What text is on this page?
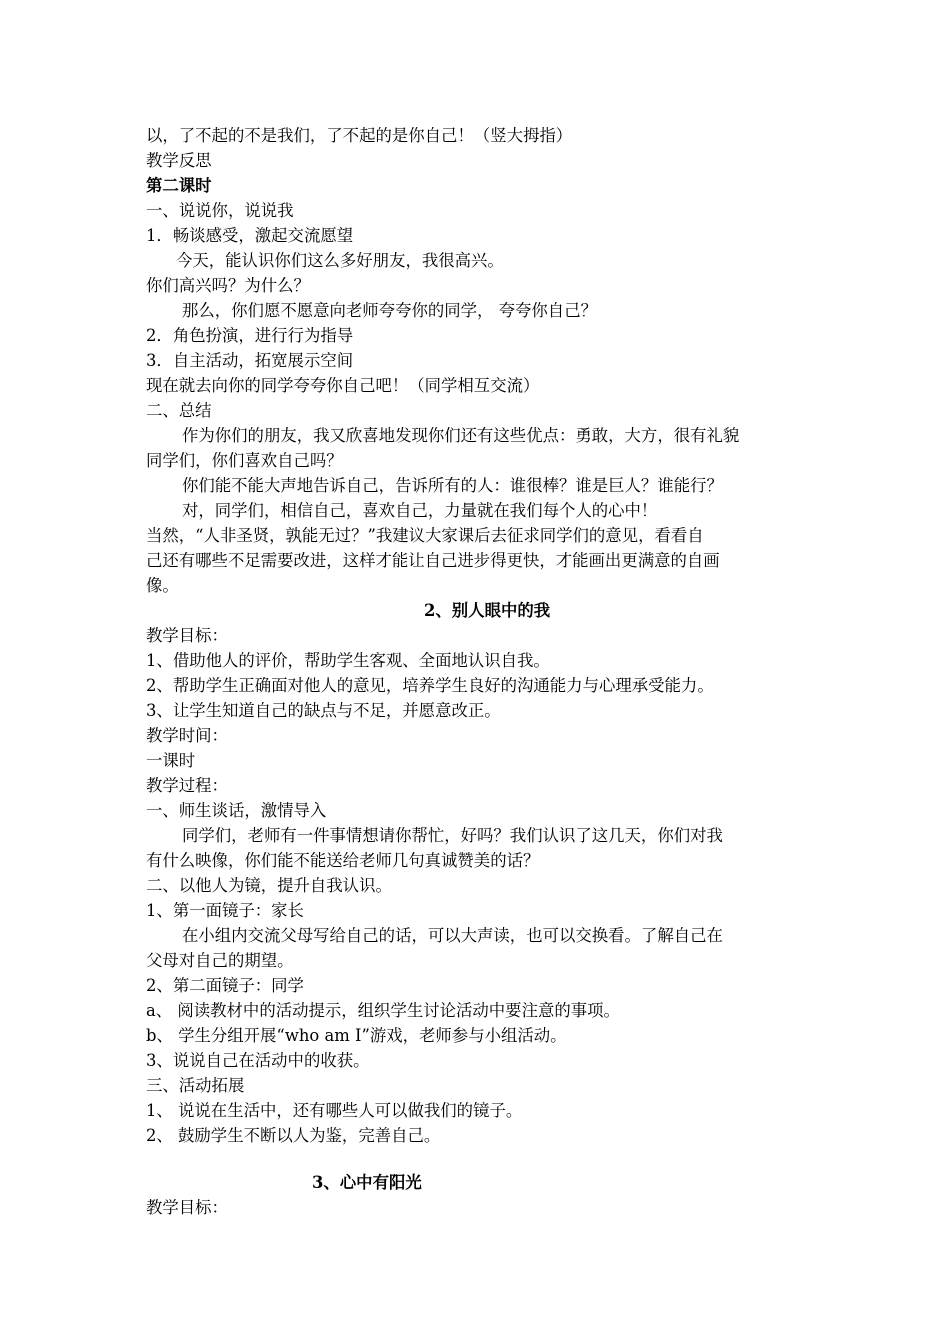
以，了不起的不是我们，了不起的是你自己！（竖大拇指）
教学反思
第二课时
一、说说你，说说我
1．畅谈感受，激起交流愿望
今天，能认识你们这么多好朋友，我很高兴。
你们高兴吗？为什么？
那么，你们愿不愿意向老师夸夸你的同学， 夸夸你自己？
2．角色扮演，进行行为指导
3．自主活动，拓宽展示空间
现在就去向你的同学夸夸你自己吧！（同学相互交流）
二、总结
作为你们的朋友，我又欣喜地发现你们还有这些优点：勇敢，大方，很有礼貌
同学们，你们喜欢自己吗？
你们能不能大声地告诉自己，告诉所有的人：谁很棒？谁是巨人？谁能行？
对，同学们，相信自己，喜欢自己，力量就在我们每个人的心中！
当然，“人非圣贤，孰能无过？”我建议大家课后去征求同学们的意见，看看自
己还有哪些不足需要改进，这样才能让自己进步得更快，才能画出更满意的自画
像。
2、别人眼中的我
教学目标：
1、借助他人的评价，帮助学生客观、全面地认识自我。
2、帮助学生正确面对他人的意见，培养学生良好的沟通能力与心理承受能力。
3、让学生知道自己的缺点与不足，并愿意改正。
教学时间：
一课时
教学过程：
一、师生谈话，激情导入
同学们，老师有一件事情想请你帮忙，好吗？我们认识了这几天，你们对我
有什么映像，你们能不能送给老师几句真诚赞美的话？
二、以他人为镜，提升自我认识。
1、第一面镜子：家长
在小组内交流父母写给自己的话，可以大声读，也可以交换看。了解自己在
父母对自己的期望。
2、第二面镜子：同学
a、 阅读教材中的活动提示，组织学生讨论活动中要注意的事项。
b、 学生分组开展“who am I”游戏，老师参与小组活动。
3、说说自己在活动中的收获。
三、活动拓展
1、 说说在生活中，还有哪些人可以做我们的镜子。
2、 鼓励学生不断以人为鉴，完善自己。
3、心中有阳光
教学目标：
